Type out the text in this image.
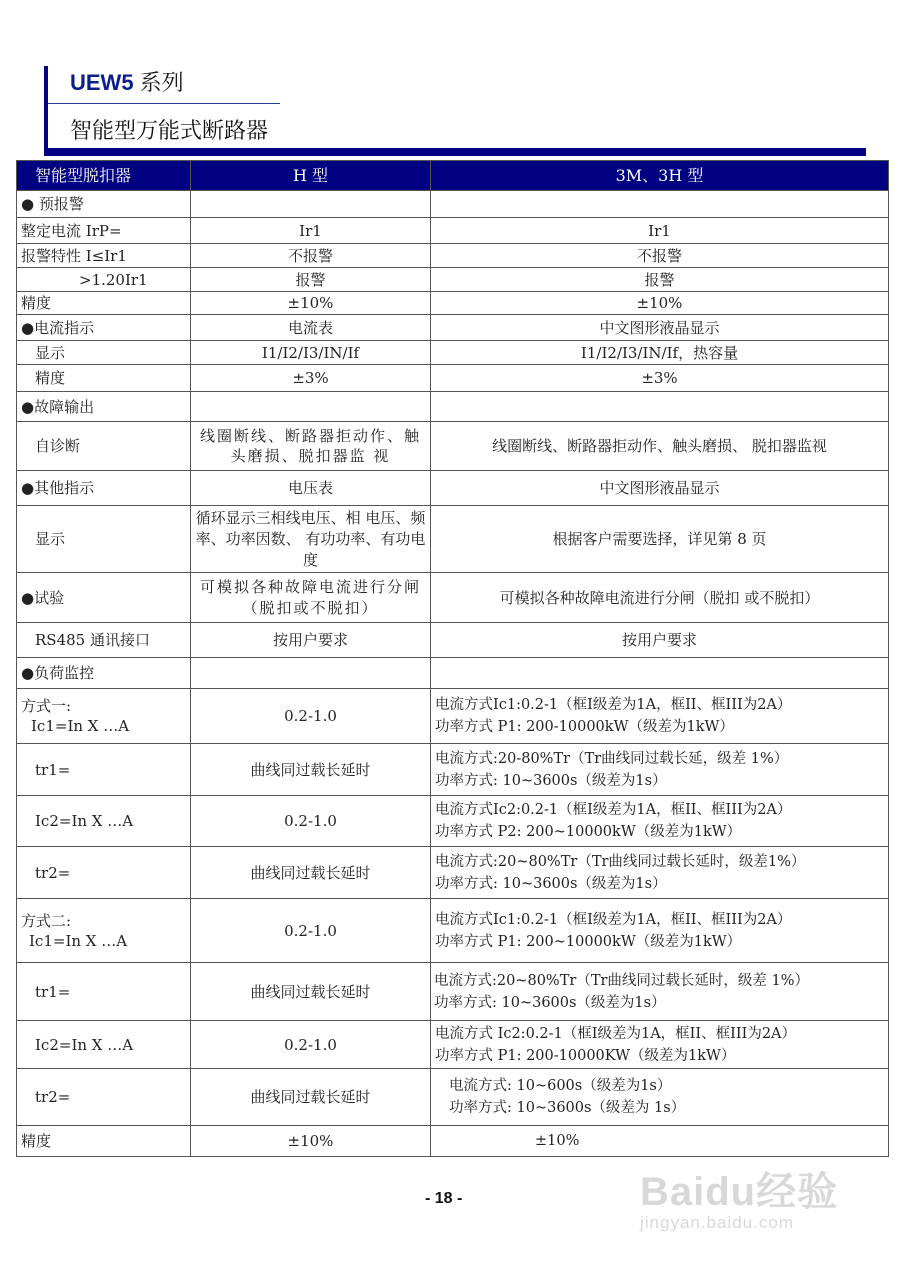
UEW5 系列
智能型万能式断路器
智能型脱扣器	H 型	3M、3H 型
● 预报警		
整定电流 IrP=	Ir1	Ir1
报警特性 I≤Ir1	不报警	不报警
>1.20Ir1	报警	报警
精度	±10%	±10%
●电流指示	电流表	中文图形液晶显示
显示	I1/I2/I3/IN/If	I1/I2/I3/IN/If，热容量
精度	±3%	±3%
●故障输出		
自诊断	线圈断线、断路器拒动作、触头磨损、脱扣器监 视	线圈断线、断路器拒动作、触头磨损、 脱扣器监视
●其他指示	电压表	中文图形液晶显示
显示	循环显示三相线电压、相 电压、频率、功率因数、 有功功率、有功电度	根据客户需要选择，详见第 8 页
●试验	可模拟各种故障电流进行分闸（脱扣或不脱扣）	可模拟各种故障电流进行分闸（脱扣 或不脱扣）
RS485 通讯接口	按用户要求	按用户要求
●负荷监控		

方式一:
Ic1=In X …A
	0.2-1.0	
电流方式Ic1:0.2-1（框I级差为1A，框II、框III为2A）
功率方式 P1: 200-10000kW（级差为1kW）

tr1=	曲线同过载长延时	电流方式:20-80%Tr（Tr曲线同过载长延，级差 1%）
功率方式: 10~3600s（级差为1s）

Ic2=In X …A	0.2-1.0	电流方式Ic2:0.2-1（框I级差为1A，框II、框III为2A）
功率方式 P2: 200~10000kW（级差为1kW）

tr2=	曲线同过载长延时	电流方式:20~80%Tr（Tr曲线同过载长延时，级差1%）
功率方式: 10~3600s（级差为1s）

方式二:
Ic1=In X …A
	0.2-1.0	
电流方式Ic1:0.2-1（框I级差为1A，框II、框III为2A）
功率方式 P1: 200~10000kW（级差为1kW）

tr1=	曲线同过载长延时	电流方式:20~80%Tr（Tr曲线同过载长延时，级差 1%）
功率方式: 10~3600s（级差为1s）

Ic2=In X …A	0.2-1.0	电流方式 Ic2:0.2-1（框I级差为1A，框II、框III为2A）
功率方式 P1: 200-10000KW（级差为1kW）

tr2=	曲线同过载长延时	电流方式: 10~600s（级差为1s）
功率方式: 10~3600s（级差为 1s）

精度	±10%	±10%
- 18 -	Baidu经验
jingyan.baidu.com
